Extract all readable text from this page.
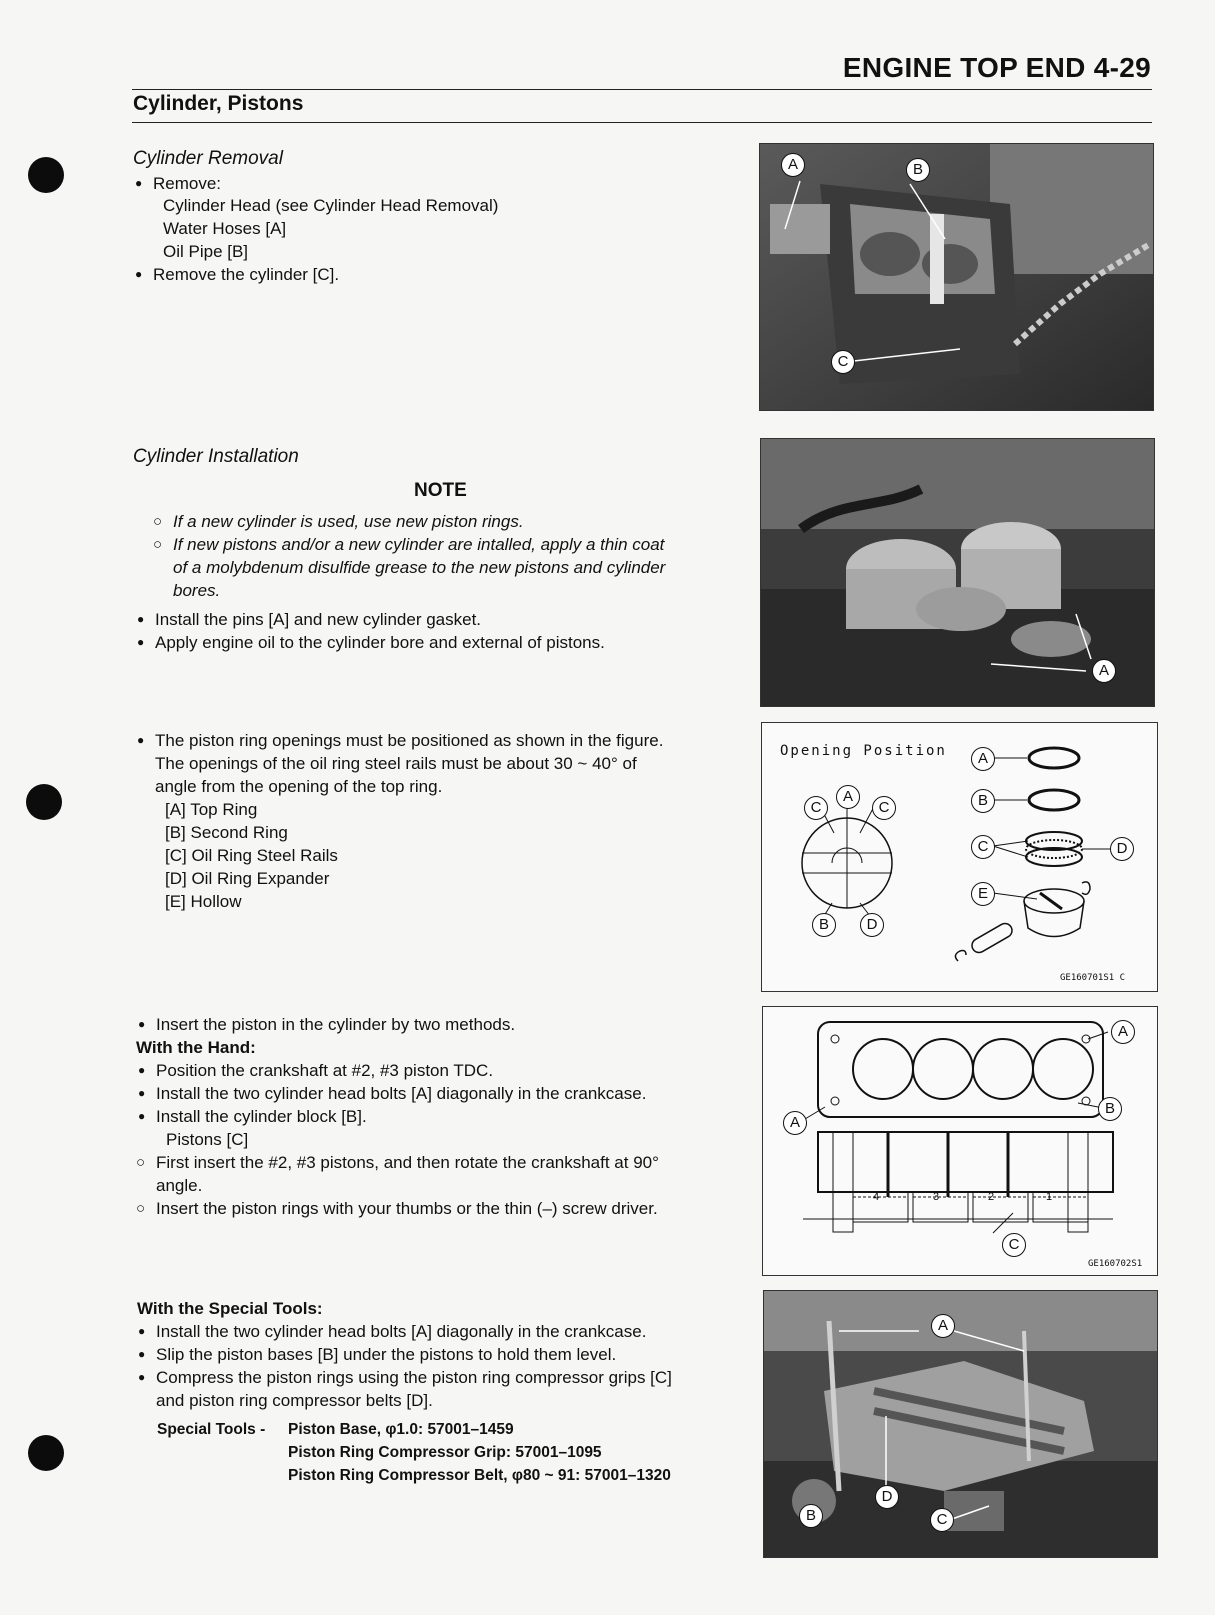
ENGINE TOP END 4-29
Cylinder, Pistons
Cylinder Removal
● Remove:
Cylinder Head (see Cylinder Head Removal)
Water Hoses [A]
Oil Pipe [B]
● Remove the cylinder [C].
A	B
C
Cylinder Installation
NOTE
○ If a new cylinder is used, use new piston rings.
○ If new pistons and/or a new cylinder are intalled, apply a thin coat
of a molybdenum disulfide grease to the new pistons and cylinder
bores.
● Install the pins [A] and new cylinder gasket.
● Apply engine oil to the cylinder bore and external of pistons.
A
● The piston ring openings must be positioned as shown in the figure.
The openings of the oil ring steel rails must be about 30 ~ 40° of
angle from the opening of the top ring.
[A] Top Ring
[B] Second Ring
[C] Oil Ring Steel Rails
[D] Oil Ring Expander
[E] Hollow
Opening Position	A
A
C	C	B
C	D
E
B	D
GE160701S1 C
● Insert the piston in the cylinder by two methods.
With the Hand:
● Position the crankshaft at #2, #3 piston TDC.
● Install the two cylinder head bolts [A] diagonally in the crankcase.
● Install the cylinder block [B].
Pistons [C]
○ First insert the #2, #3 pistons, and then rotate the crankshaft at 90°
angle.
○ Insert the piston rings with your thumbs or the thin (–) screw driver.
A
A
B
C
4	3	2	1
GE160702S1
With the Special Tools:
● Install the two cylinder head bolts [A] diagonally in the crankcase.
● Slip the piston bases [B] under the pistons to hold them level.
● Compress the piston rings using the piston ring compressor grips [C]
and piston ring compressor belts [D].
Special Tools - Piston Base, φ1.0: 57001–1459
Piston Ring Compressor Grip: 57001–1095
Piston Ring Compressor Belt, φ80 ~ 91: 57001–1320
A
D
B	C
